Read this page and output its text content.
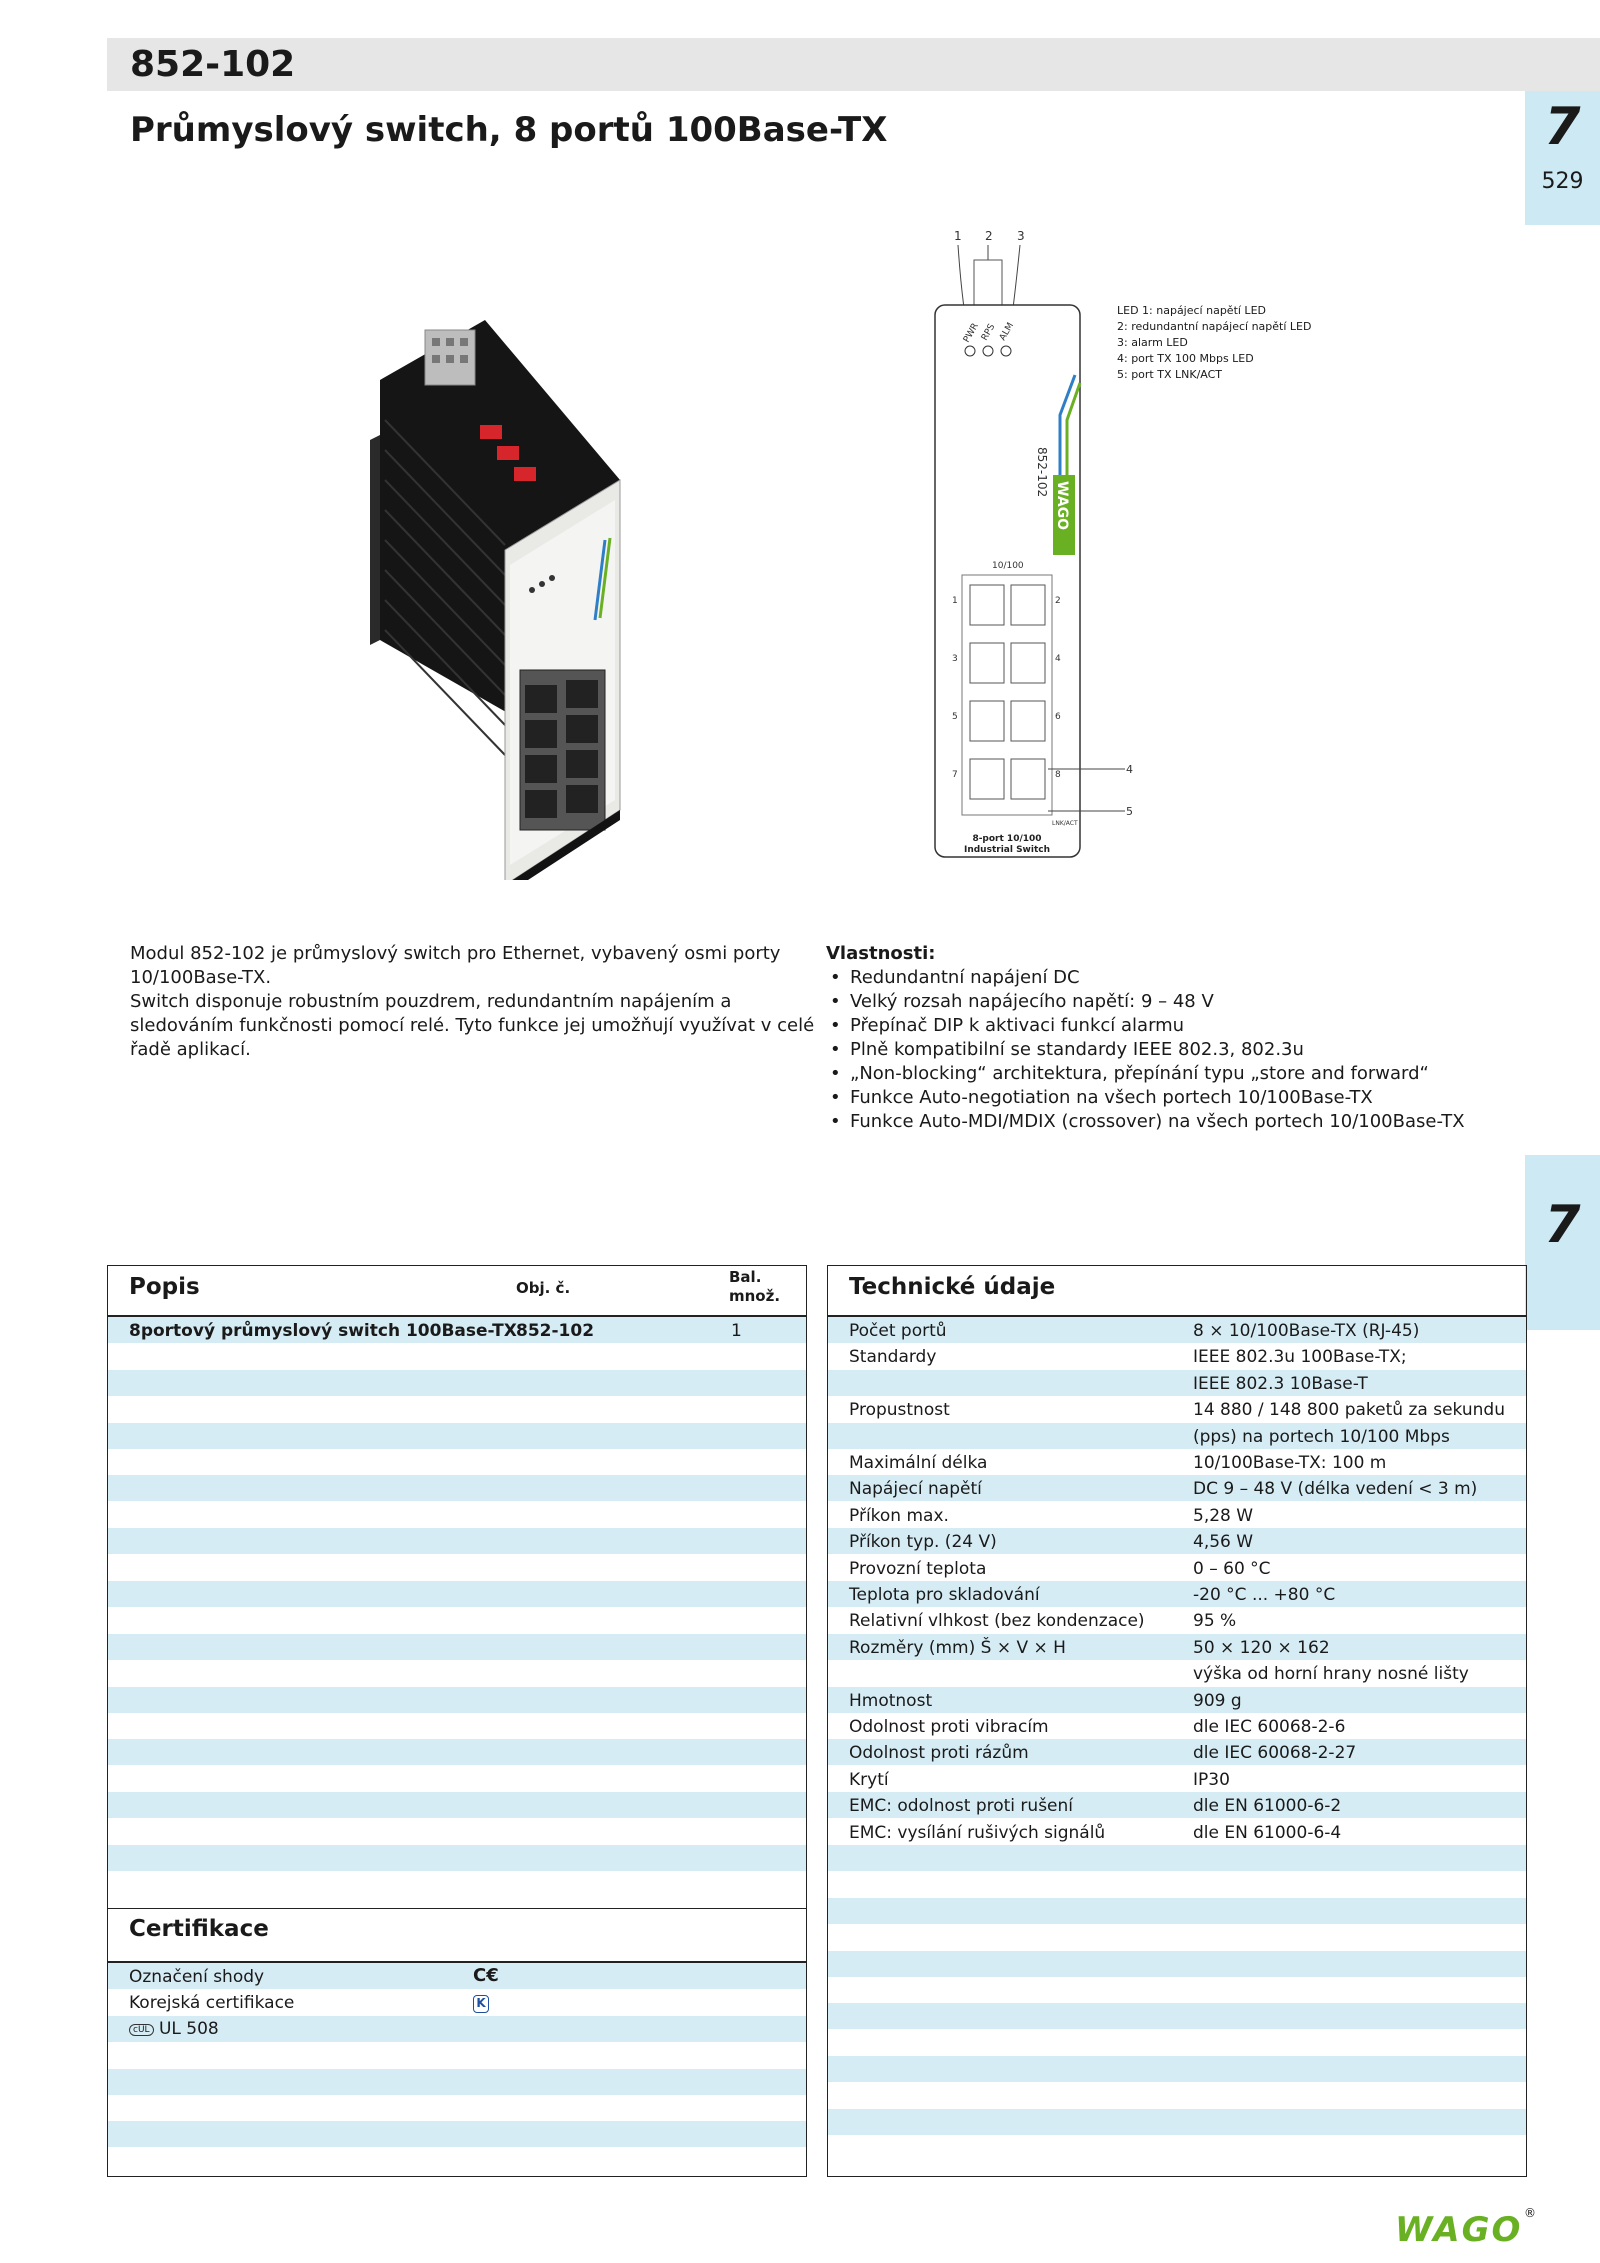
852-102
Průmyslový switch, 8 portů 100Base-TX	7
529
7
1 2 3
PWR RPS ALM
852-102
WAGO
10/100
1	2
3	4
5	6
7	8	4
5
LNK/ACT
8-port 10/100
Industrial Switch
LED 1: napájecí napětí LED
2: redundantní napájecí napětí LED
3: alarm LED
4: port TX 100 Mbps LED
5: port TX LNK/ACT
Modul 852-102 je průmyslový switch pro Ethernet, vybavený osmi porty 10/100Base-TX.
Switch disponuje robustním pouzdrem, redundantním napájením a sledováním funkčnosti pomocí relé. Tyto funkce jej umožňují využívat v celé řadě aplikací.
Vlastnosti:
• Redundantní napájení DC
• Velký rozsah napájecího napětí: 9 – 48 V
• Přepínač DIP k aktivaci funkcí alarmu
• Plně kompatibilní se standardy IEEE 802.3, 802.3u
• „Non-blocking“ architektura, přepínání typu „store and forward“
• Funkce Auto-negotiation na všech portech 10/100Base-TX
• Funkce Auto-MDI/MDIX (crossover) na všech portech 10/100Base-TX
Popis	Obj. č.
Bal.
množ.
8portový průmyslový switch 100Base-TX 852-102	1
Certifikace
Označení shody	C€
Korejská certifikace	K
cUL UL 508
Technické údaje
Počet portů	8 × 10/100Base-TX (RJ-45)
Standardy	IEEE 802.3u 100Base-TX;
IEEE 802.3 10Base-T
Propustnost	14 880 / 148 800 paketů za sekundu
(pps) na portech 10/100 Mbps
Maximální délka	10/100Base-TX: 100 m
Napájecí napětí	DC 9 – 48 V (délka vedení < 3 m)
Příkon max.	5,28 W
Příkon typ. (24 V)	4,56 W
Provozní teplota	0 – 60 °C
Teplota pro skladování	-20 °C ... +80 °C
Relativní vlhkost (bez kondenzace)	95 %
Rozměry (mm) Š × V × H	50 × 120 × 162
výška od horní hrany nosné lišty
Hmotnost	909 g
Odolnost proti vibracím	dle IEC 60068-2-6
Odolnost proti rázům	dle IEC 60068-2-27
Krytí	IP30
EMC: odolnost proti rušení	dle EN 61000-6-2
EMC: vysílání rušivých signálů	dle EN 61000-6-4
WAGO ®
